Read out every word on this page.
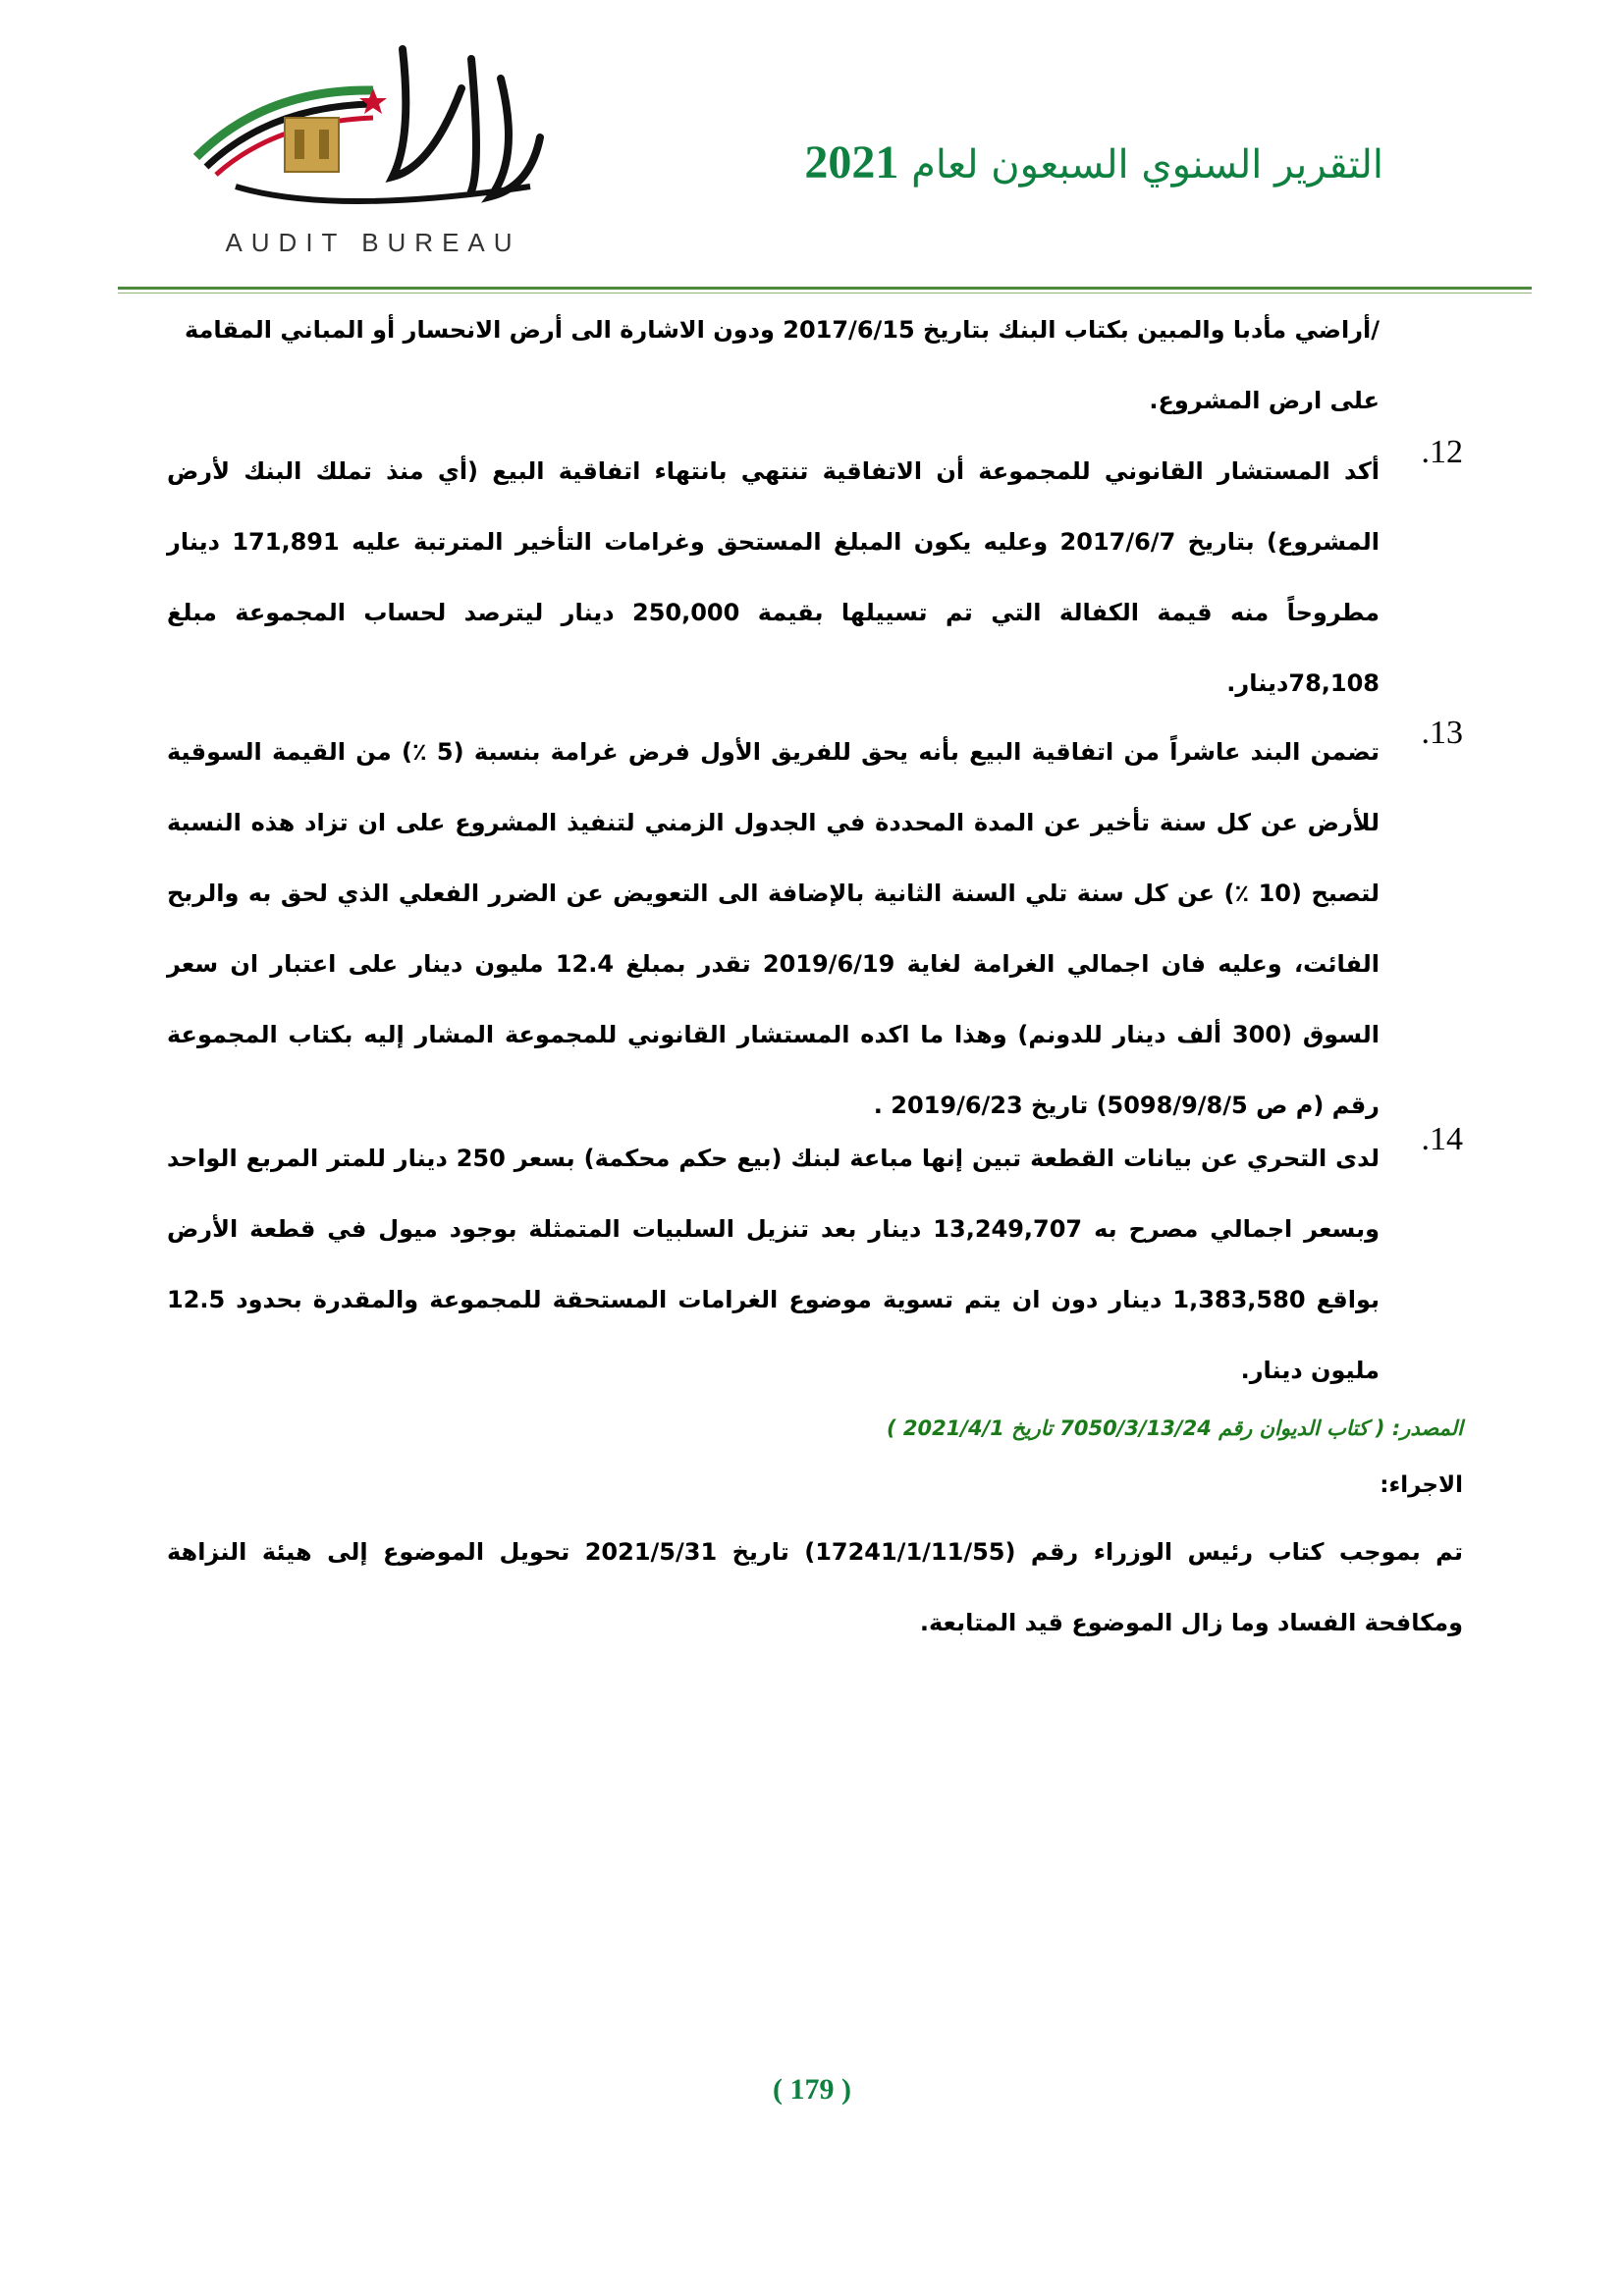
ديوان المحاسبة
AUDIT BUREAU
التقرير السنوي السبعون لعام 2021
/أراضي مأدبا والمبين بكتاب البنك بتاريخ 2017/6/15 ودون الاشارة الى أرض الانحسار أو المباني المقامة
على ارض المشروع.
.12
أكد المستشار القانوني للمجموعة أن الاتفاقية تنتهي بانتهاء اتفاقية البيع (أي منذ تملك البنك لأرض المشروع) بتاريخ 2017/6/7 وعليه يكون المبلغ المستحق وغرامات التأخير المترتبة عليه 171,891 دينار مطروحاً منه قيمة الكفالة التي تم تسييلها بقيمة 250,000 دينار ليترصد لحساب المجموعة مبلغ 78,108دينار.
.13
تضمن البند عاشراً من اتفاقية البيع بأنه يحق للفريق الأول فرض غرامة بنسبة (5 ٪) من القيمة السوقية للأرض عن كل سنة تأخير عن المدة المحددة في الجدول الزمني لتنفيذ المشروع على ان تزاد هذه النسبة لتصبح (10 ٪) عن كل سنة تلي السنة الثانية بالإضافة الى التعويض عن الضرر الفعلي الذي لحق به والربح الفائت، وعليه فان اجمالي الغرامة لغاية 2019/6/19 تقدر بمبلغ 12.4 مليون دينار على اعتبار ان سعر السوق (300 ألف دينار للدونم) وهذا ما اكده المستشار القانوني للمجموعة المشار إليه بكتاب المجموعة رقم (م ص 5098/9/8/5) تاريخ 2019/6/23 .
.14
لدى التحري عن بيانات القطعة تبين إنها مباعة لبنك (بيع حكم محكمة) بسعر 250 دينار للمتر المربع الواحد وبسعر اجمالي مصرح به 13,249,707 دينار بعد تنزيل السلبيات المتمثلة بوجود ميول في قطعة الأرض بواقع 1,383,580 دينار دون ان يتم تسوية موضوع الغرامات المستحقة للمجموعة والمقدرة بحدود 12.5 مليون دينار.
المصدر: ( كتاب الديوان رقم 7050/3/13/24 تاريخ 2021/4/1 )
الاجراء:
تم بموجب كتاب رئيس الوزراء رقم (17241/1/11/55) تاريخ 2021/5/31 تحويل الموضوع إلى هيئة النزاهة ومكافحة الفساد وما زال الموضوع قيد المتابعة.
( 179 )
